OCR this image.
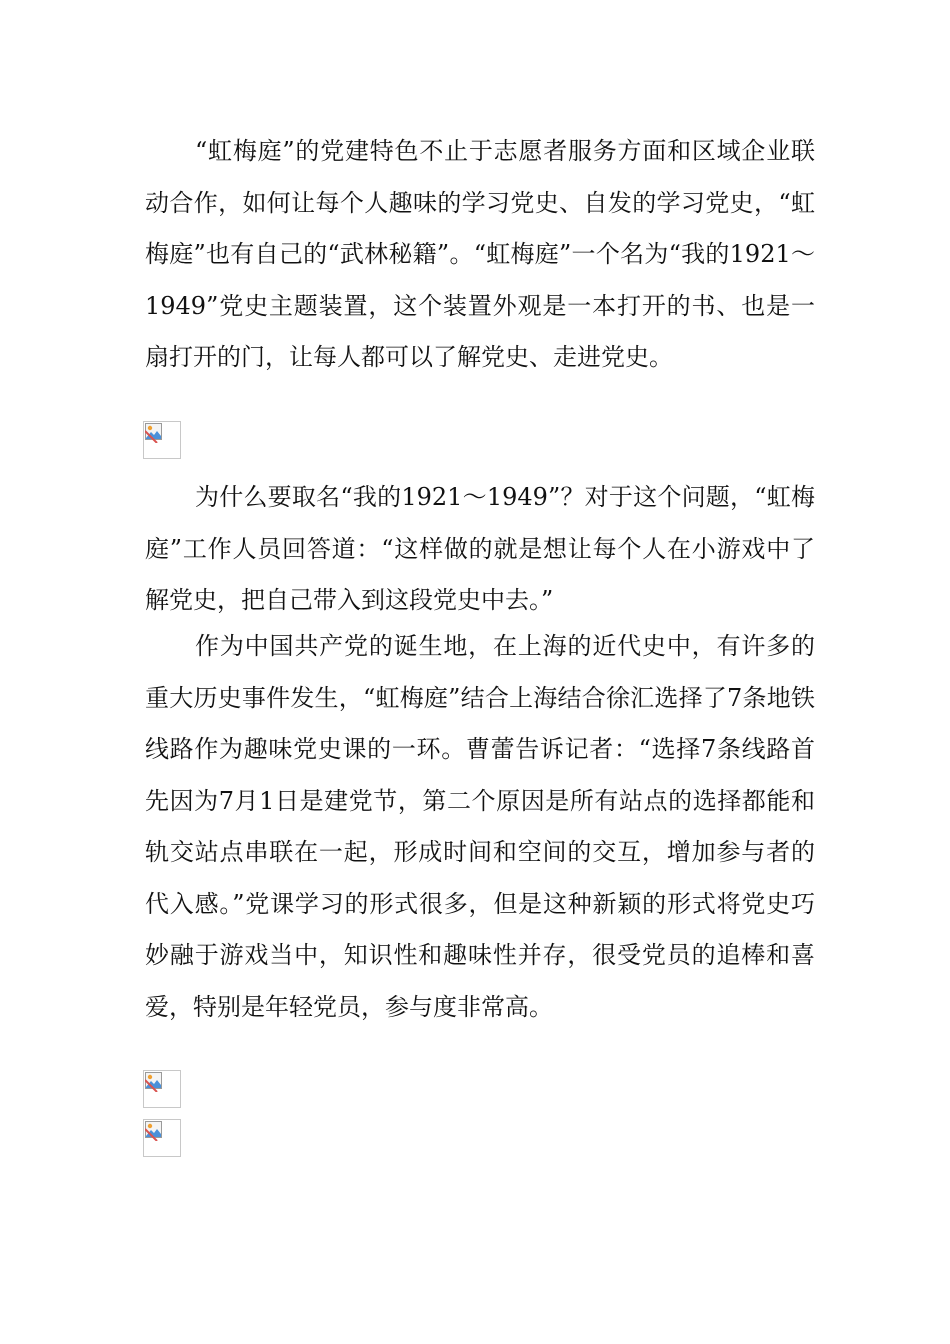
“虹梅庭”的党建特色不止于志愿者服务方面和区域企业联动合作，如何让每个人趣味的学习党史、自发的学习党史，“虹梅庭”也有自己的“武林秘籍”。“虹梅庭”一个名为“我的1921～1949”党史主题装置，这个装置外观是一本打开的书、也是一扇打开的门，让每人都可以了解党史、走进党史。

为什么要取名“我的1921～1949”？对于这个问题，“虹梅庭”工作人员回答道：“这样做的就是想让每个人在小游戏中了解党史，把自己带入到这段党史中去。”

作为中国共产党的诞生地，在上海的近代史中，有许多的重大历史事件发生，“虹梅庭”结合上海结合徐汇选择了7条地铁线路作为趣味党史课的一环。曹蕾告诉记者：“选择7条线路首先因为7月1日是建党节，第二个原因是所有站点的选择都能和轨交站点串联在一起，形成时间和空间的交互，增加参与者的代入感。”党课学习的形式很多，但是这种新颖的形式将党史巧妙融于游戏当中，知识性和趣味性并存，很受党员的追棒和喜爱，特别是年轻党员，参与度非常高。
